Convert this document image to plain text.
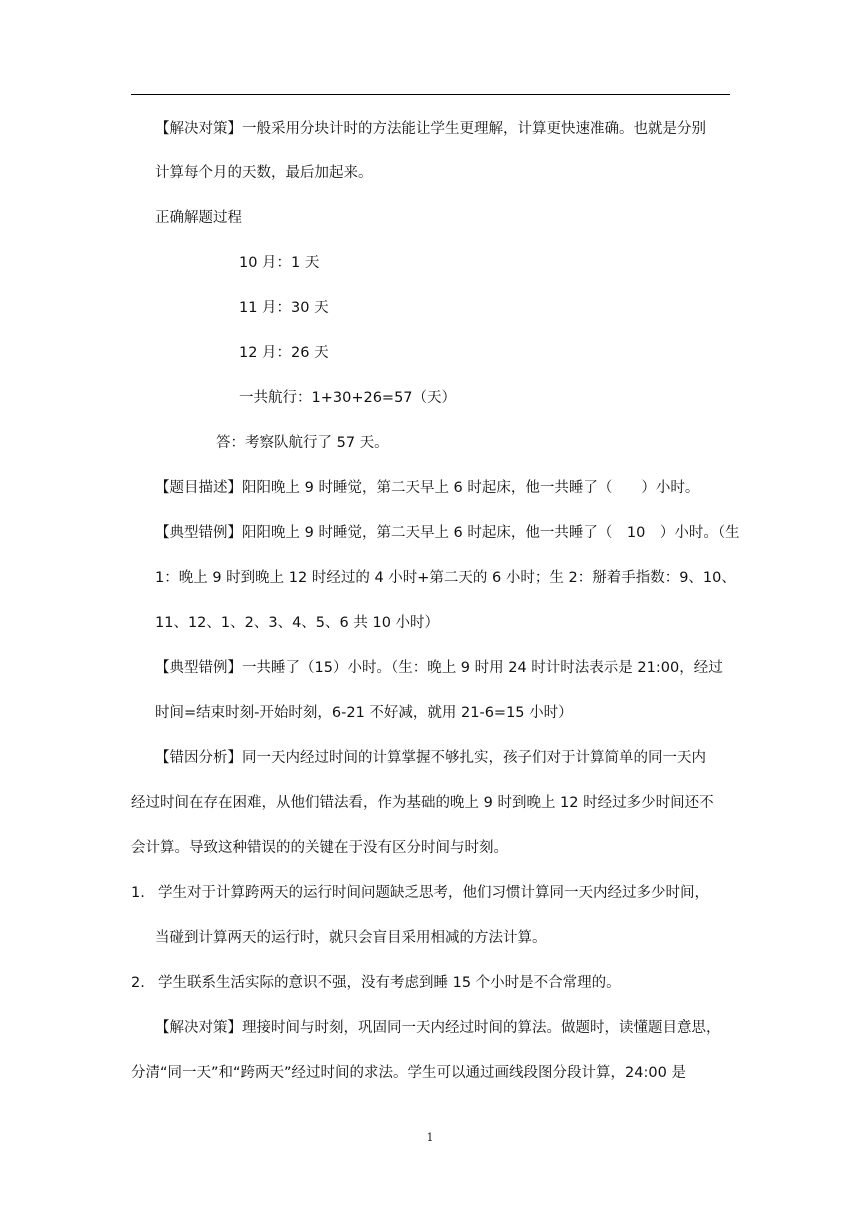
【解决对策】一般采用分块计时的方法能让学生更理解，计算更快速准确。也就是分别
计算每个月的天数，最后加起来。
正确解题过程
10 月：1 天
11 月：30 天
12 月：26 天
一共航行：1+30+26=57（天）
答：考察队航行了 57 天。
【题目描述】阳阳晚上 9 时睡觉，第二天早上 6 时起床，他一共睡了（　　）小时。
【典型错例】阳阳晚上 9 时睡觉，第二天早上 6 时起床，他一共睡了（　10　）小时。（生
1：晚上 9 时到晚上 12 时经过的 4 小时+第二天的 6 小时；生 2：掰着手指数：9、10、
11、12、1、2、3、4、5、6 共 10 小时）
【典型错例】一共睡了（15）小时。（生：晚上 9 时用 24 时计时法表示是 21:00，经过
时间=结束时刻-开始时刻，6-21 不好减，就用 21-6=15 小时）
【错因分析】同一天内经过时间的计算掌握不够扎实，孩子们对于计算简单的同一天内
经过时间在存在困难，从他们错法看，作为基础的晚上 9 时到晚上 12 时经过多少时间还不
会计算。导致这种错误的的关键在于没有区分时间与时刻。
1. 学生对于计算跨两天的运行时间问题缺乏思考，他们习惯计算同一天内经过多少时间，
当碰到计算两天的运行时，就只会盲目采用相减的方法计算。
2. 学生联系生活实际的意识不强，没有考虑到睡 15 个小时是不合常理的。
【解决对策】理接时间与时刻，巩固同一天内经过时间的算法。做题时，读懂题目意思，
分清“同一天”和“跨两天”经过时间的求法。学生可以通过画线段图分段计算，24:00 是
1
